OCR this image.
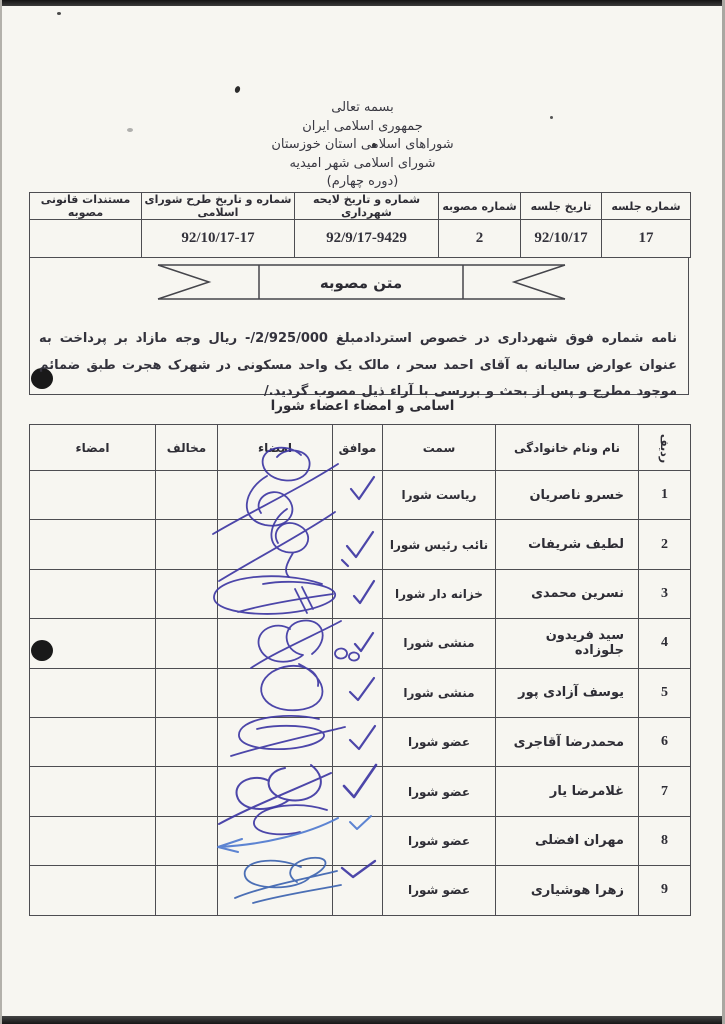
بسمه تعالی
جمهوری اسلامی ایران
شوراهای اسلامی استان خوزستان
شورای اسلامی شهر امیدیه
(دوره چهارم)
شماره جلسه	تاریخ جلسه	شماره مصوبه	شماره و تاریخ لایحه شهرداری	شماره و تاریخ طرح شورای اسلامی	مستندات قانونی مصوبه
17	92/10/17	2	92/9/17-9429	92/10/17-17	
متن مصوبه

نامه شماره فوق شهرداری در خصوص استردادمبلغ 2/925/000/- ریال وجه مازاد بر پرداخت به عنوان عوارض سالیانه به آقای احمد سحر ، مالک یک واحد مسکونی در شهرک هجرت طبق ضمائم موجود مطرح و پس از بحث و بررسی با آراء ذیل مصوب گردید./

اسامی و امضاء اعضاء شورا
ردیف	نام ونام خانوادگی	سمت	موافق	امضاء	مخالف	امضاء
1	خسرو ناصریان	ریاست شورا				
2	لطیف شریفات	نائب رئیس شورا				
3	نسرین محمدی	خزانه دار شورا				
4	سید فریدون جلوزاده	منشی شورا				
5	یوسف آزادی پور	منشی شورا				
6	محمدرضا آقاجری	عضو شورا				
7	غلامرضا یار	عضو شورا				
8	مهران افضلی	عضو شورا				
9	زهرا هوشیاری	عضو شورا				
